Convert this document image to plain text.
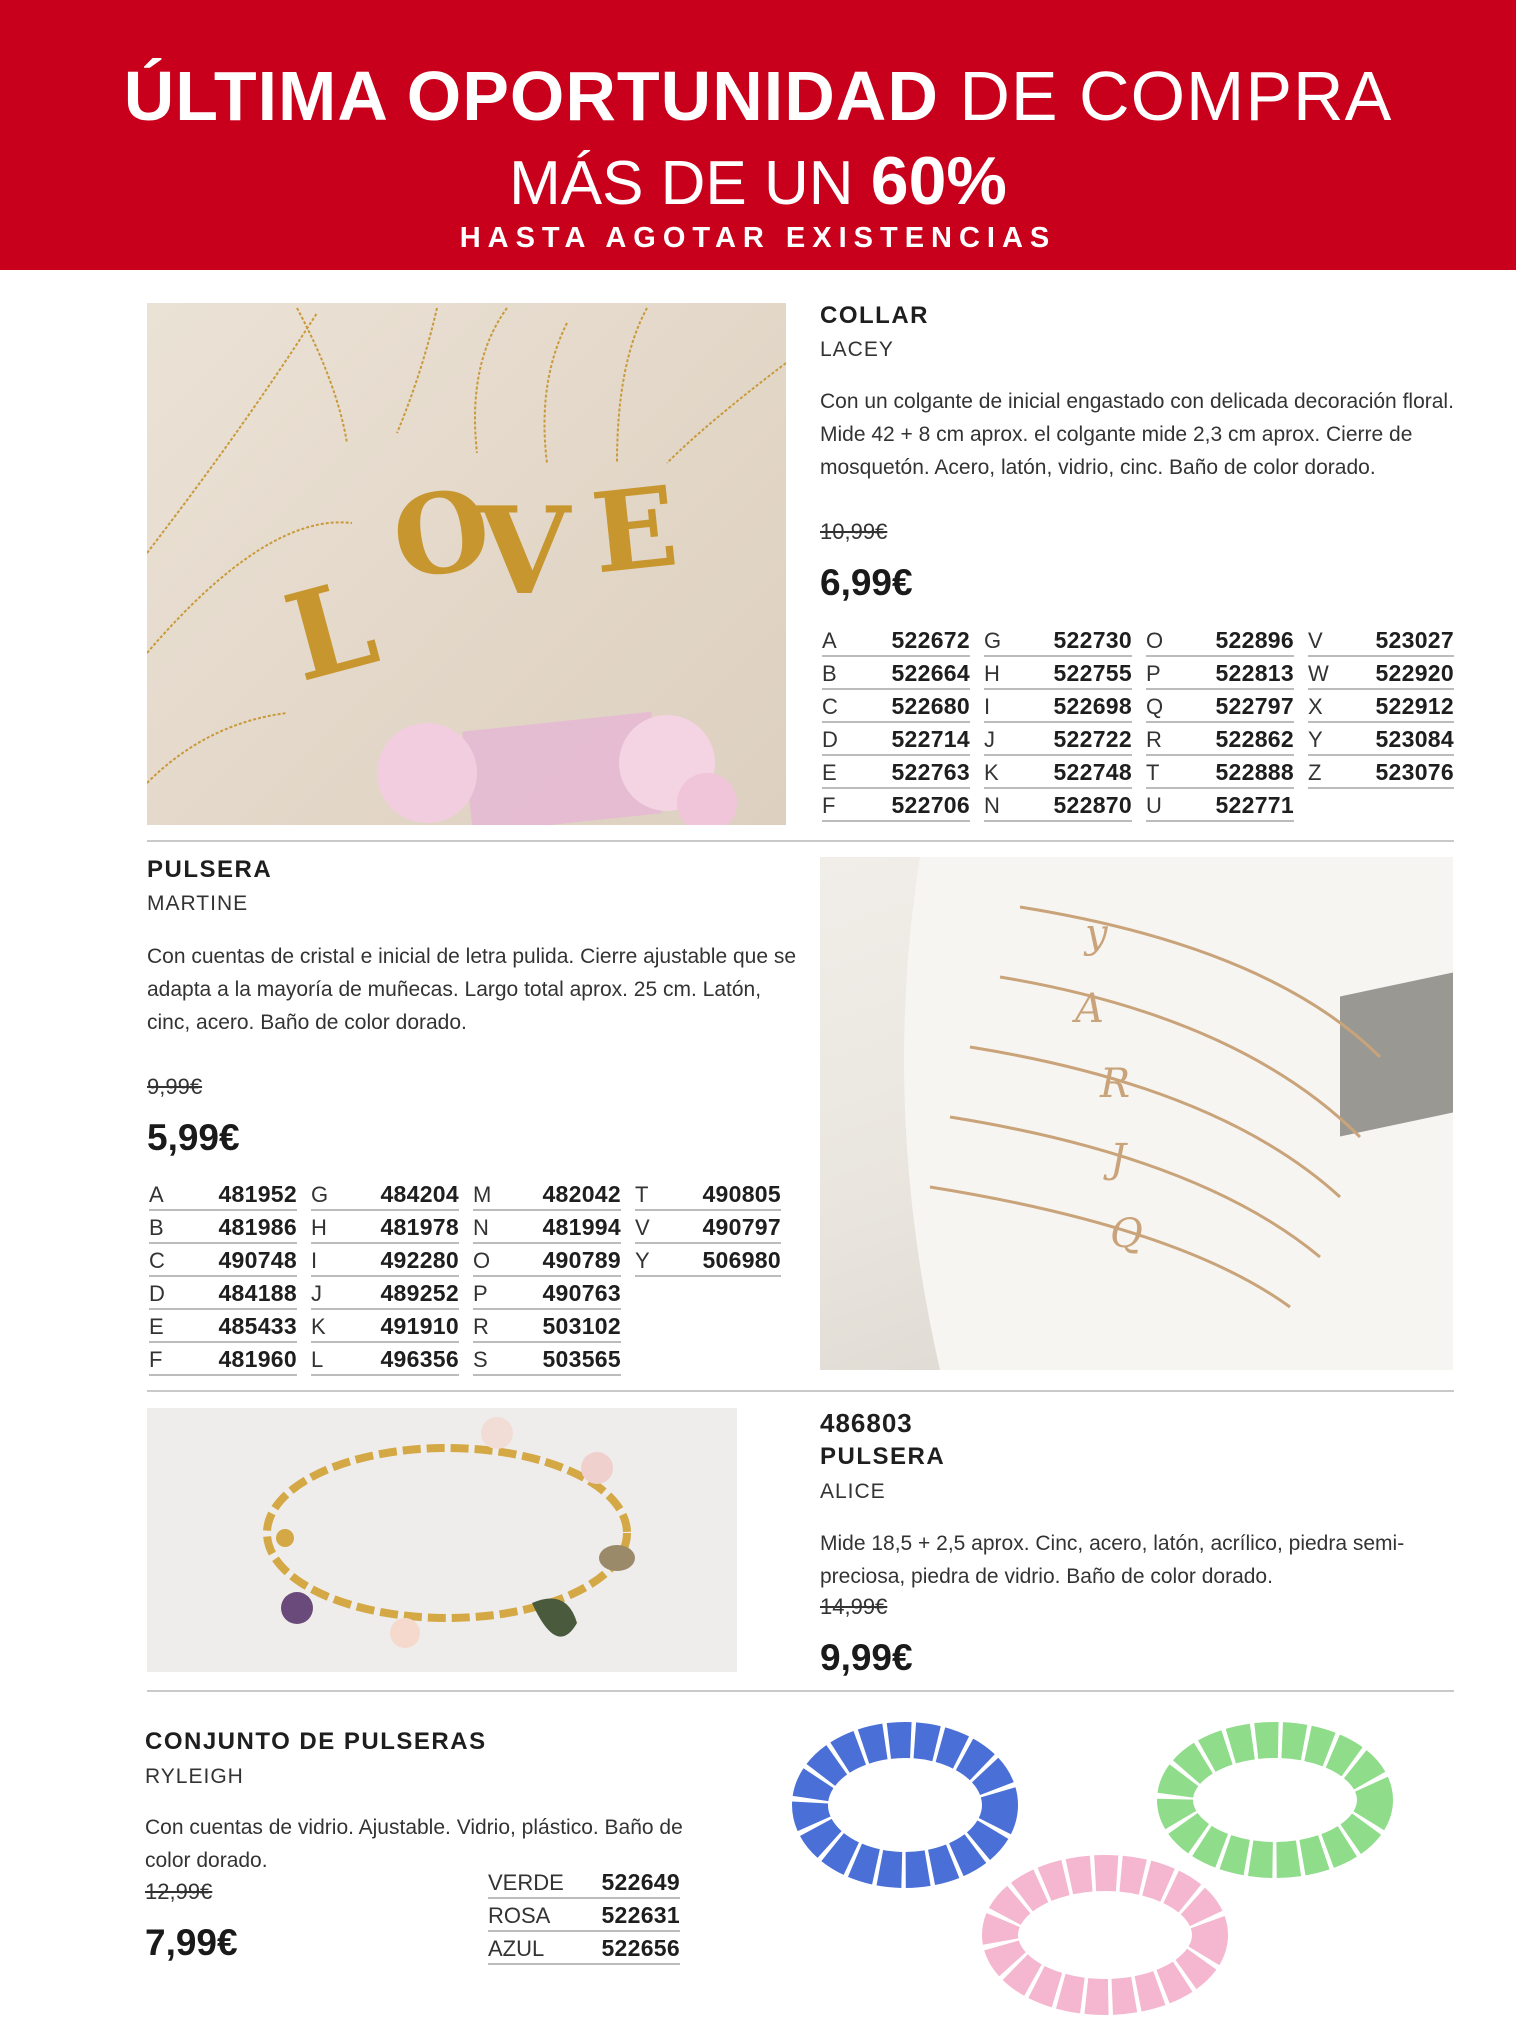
ÚLTIMA OPORTUNIDAD DE COMPRA
MÁS DE UN 60%
HASTA AGOTAR EXISTENCIAS
L
O
V E
COLLAR
LACEY
Con un colgante de inicial engastado con delicada decoración floral. Mide 42 + 8 cm aprox. el colgante mide 2,3 cm aprox. Cierre de mosquetón. Acero, latón, vidrio, cinc. Baño de color dorado.
10,99€
6,99€
A 522672
B 522664
C 522680
D 522714
E 522763
F 522706
G 522730
H 522755
I	522698
J	522722
K 522748
N 522870
O 522896
P 522813
Q 522797
R 522862
T 522888
U 522771
V 523027
W 522920
X 522912
Y 523084
Z 523076
PULSERA
MARTINE
Con cuentas de cristal e inicial de letra pulida. Cierre ajustable que se adapta a la mayoría de muñecas. Largo total aprox. 25 cm. Latón, cinc, acero. Baño de color dorado.
9,99€
5,99€
A 481952
B 481986
C 490748
D 484188
E 485433
F 481960
G 484204
H 481978
I	492280
J	489252
K 491910
L 496356
M 482042
N 481994
O 490789
P 490763
R 503102
S 503565
T 490805
V 490797
Y 506980
y
A
R
J
Q
486803
PULSERA
ALICE
Mide 18,5 + 2,5 aprox. Cinc, acero, latón, acrílico, piedra semi-preciosa, piedra de vidrio. Baño de color dorado.
14,99€
9,99€
CONJUNTO DE PULSERAS
RYLEIGH
Con cuentas de vidrio. Ajustable. Vidrio, plástico. Baño de color dorado.
12,99€
7,99€
VERDE 522649
ROSA 522631
AZUL 522656
